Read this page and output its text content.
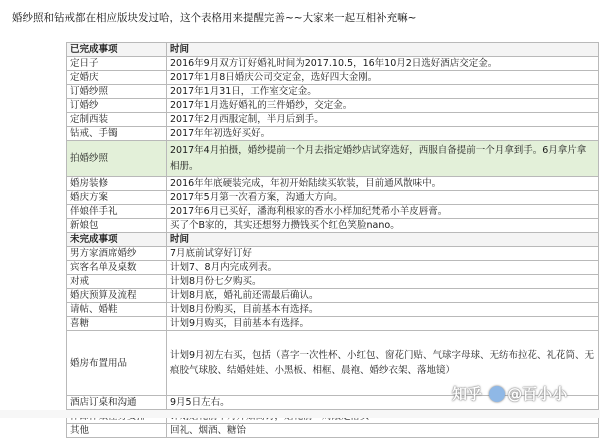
婚纱照和钻戒都在相应版块发过哈，这个表格用来提醒完善~~大家来一起互相补充嘛~
已完成事项	时间
定日子	2016年9月双方订好婚礼时间为2017.10.5，16年10月2日选好酒店交定金。
定婚庆	2017年1月8日婚庆公司交定金，选好四大金刚。
订婚纱照	2017年1月31日，工作室交定金。
订婚纱	2017年1月选好婚礼的三件婚纱，交定金。
定制西装	2017年2月西服定制，半月后到手。
钻戒、手镯	2017年年初选好买好。
拍婚纱照	2017年4月拍摄，婚纱提前一个月去指定婚纱店试穿选好，西服自备提前一个月拿到手。6月拿片拿相册。
婚房装修	2016年年底硬装完成，年初开始陆续买软装，目前通风散味中。
婚庆方案	2017年5月第一次看方案，沟通大方向。
伴娘伴手礼	2017年6月已买好，潘海利根家的香水小样加纪梵希小羊皮唇膏。
新娘包	买了个B家的，其实还想努力攒钱买个红色笑脸nano。
未完成事项	时间
男方家酒席婚纱	7月底前试穿好订好
宾客名单及桌数	计划7、8月内完成列表。
对戒	计划8月份七夕购买。
婚庆预算及流程	计划8月底，婚礼前还需最后确认。
请帖、婚鞋	计划8月份购买，目前基本有选择。
喜糖	计划9月购买，目前基本有选择。
婚房布置用品	计划9月初左右买，包括（喜字一次性杯、小红包、窗花门贴、气球字母球、无纺布拉花、礼花筒、无痕胶气球胶、结婚娃娃、小黑板、相框、晨袍、婚纱衣架、落地镜）
酒店订桌和沟通	9月5日左右。

其他	回礼、烟酒、糖饴
知乎 @百小小
